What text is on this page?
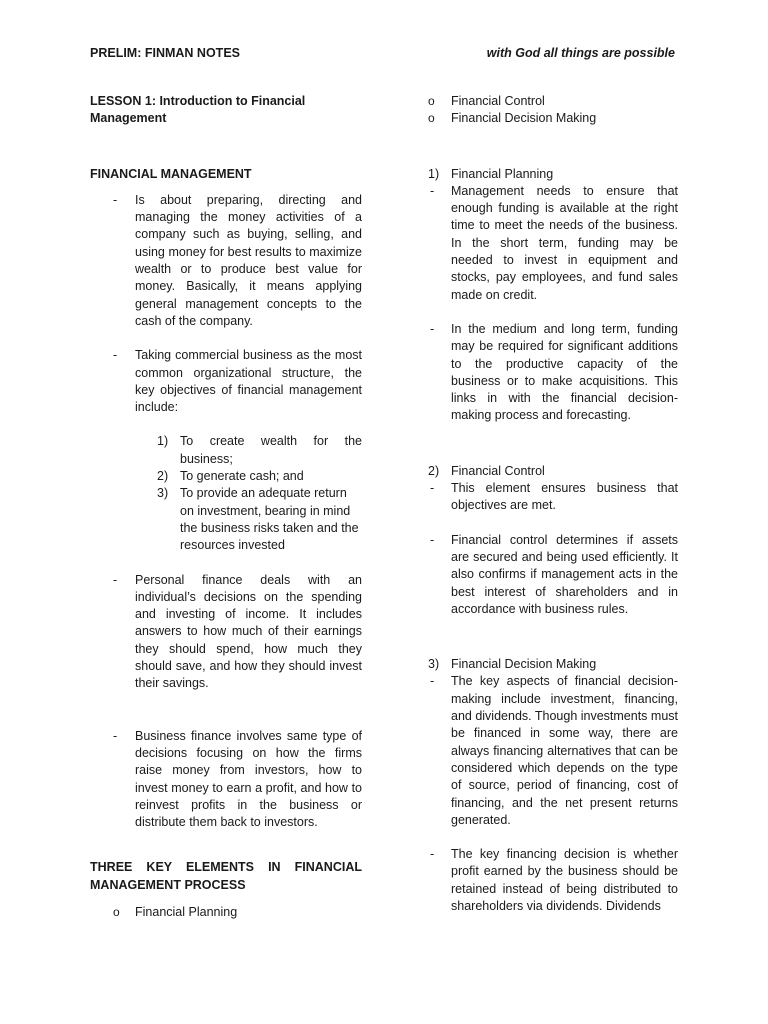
PRELIM: FINMAN NOTES	with God all things are possible
LESSON 1: Introduction to Financial Management
FINANCIAL MANAGEMENT
- Is about preparing, directing and managing the money activities of a company such as buying, selling, and using money for best results to maximize wealth or to produce best value for money. Basically, it means applying general management concepts to the cash of the company.
- Taking commercial business as the most common organizational structure, the key objectives of financial management include:
1) To create wealth for the business;
2) To generate cash; and
3) To provide an adequate return on investment, bearing in mind the business risks taken and the resources invested
- Personal finance deals with an individual’s decisions on the spending and investing of income. It includes answers to how much of their earnings they should spend, how much they should save, and how they should invest their savings.
- Business finance involves same type of decisions focusing on how the firms raise money from investors, how to invest money to earn a profit, and how to reinvest profits in the business or distribute them back to investors.
THREE KEY ELEMENTS IN FINANCIAL MANAGEMENT PROCESS
o Financial Planning
o Financial Control
o Financial Decision Making
1) Financial Planning
- Management needs to ensure that enough funding is available at the right time to meet the needs of the business. In the short term, funding may be needed to invest in equipment and stocks, pay employees, and fund sales made on credit.
- In the medium and long term, funding may be required for significant additions to the productive capacity of the business or to make acquisitions. This links in with the financial decision-making process and forecasting.
2) Financial Control
- This element ensures business that objectives are met.
- Financial control determines if assets are secured and being used efficiently. It also confirms if management acts in the best interest of shareholders and in accordance with business rules.
3) Financial Decision Making
- The key aspects of financial decision-making include investment, financing, and dividends. Though investments must be financed in some way, there are always financing alternatives that can be considered which depends on the type of source, period of financing, cost of financing, and the net present returns generated.
- The key financing decision is whether profit earned by the business should be retained instead of being distributed to shareholders via dividends. Dividends
